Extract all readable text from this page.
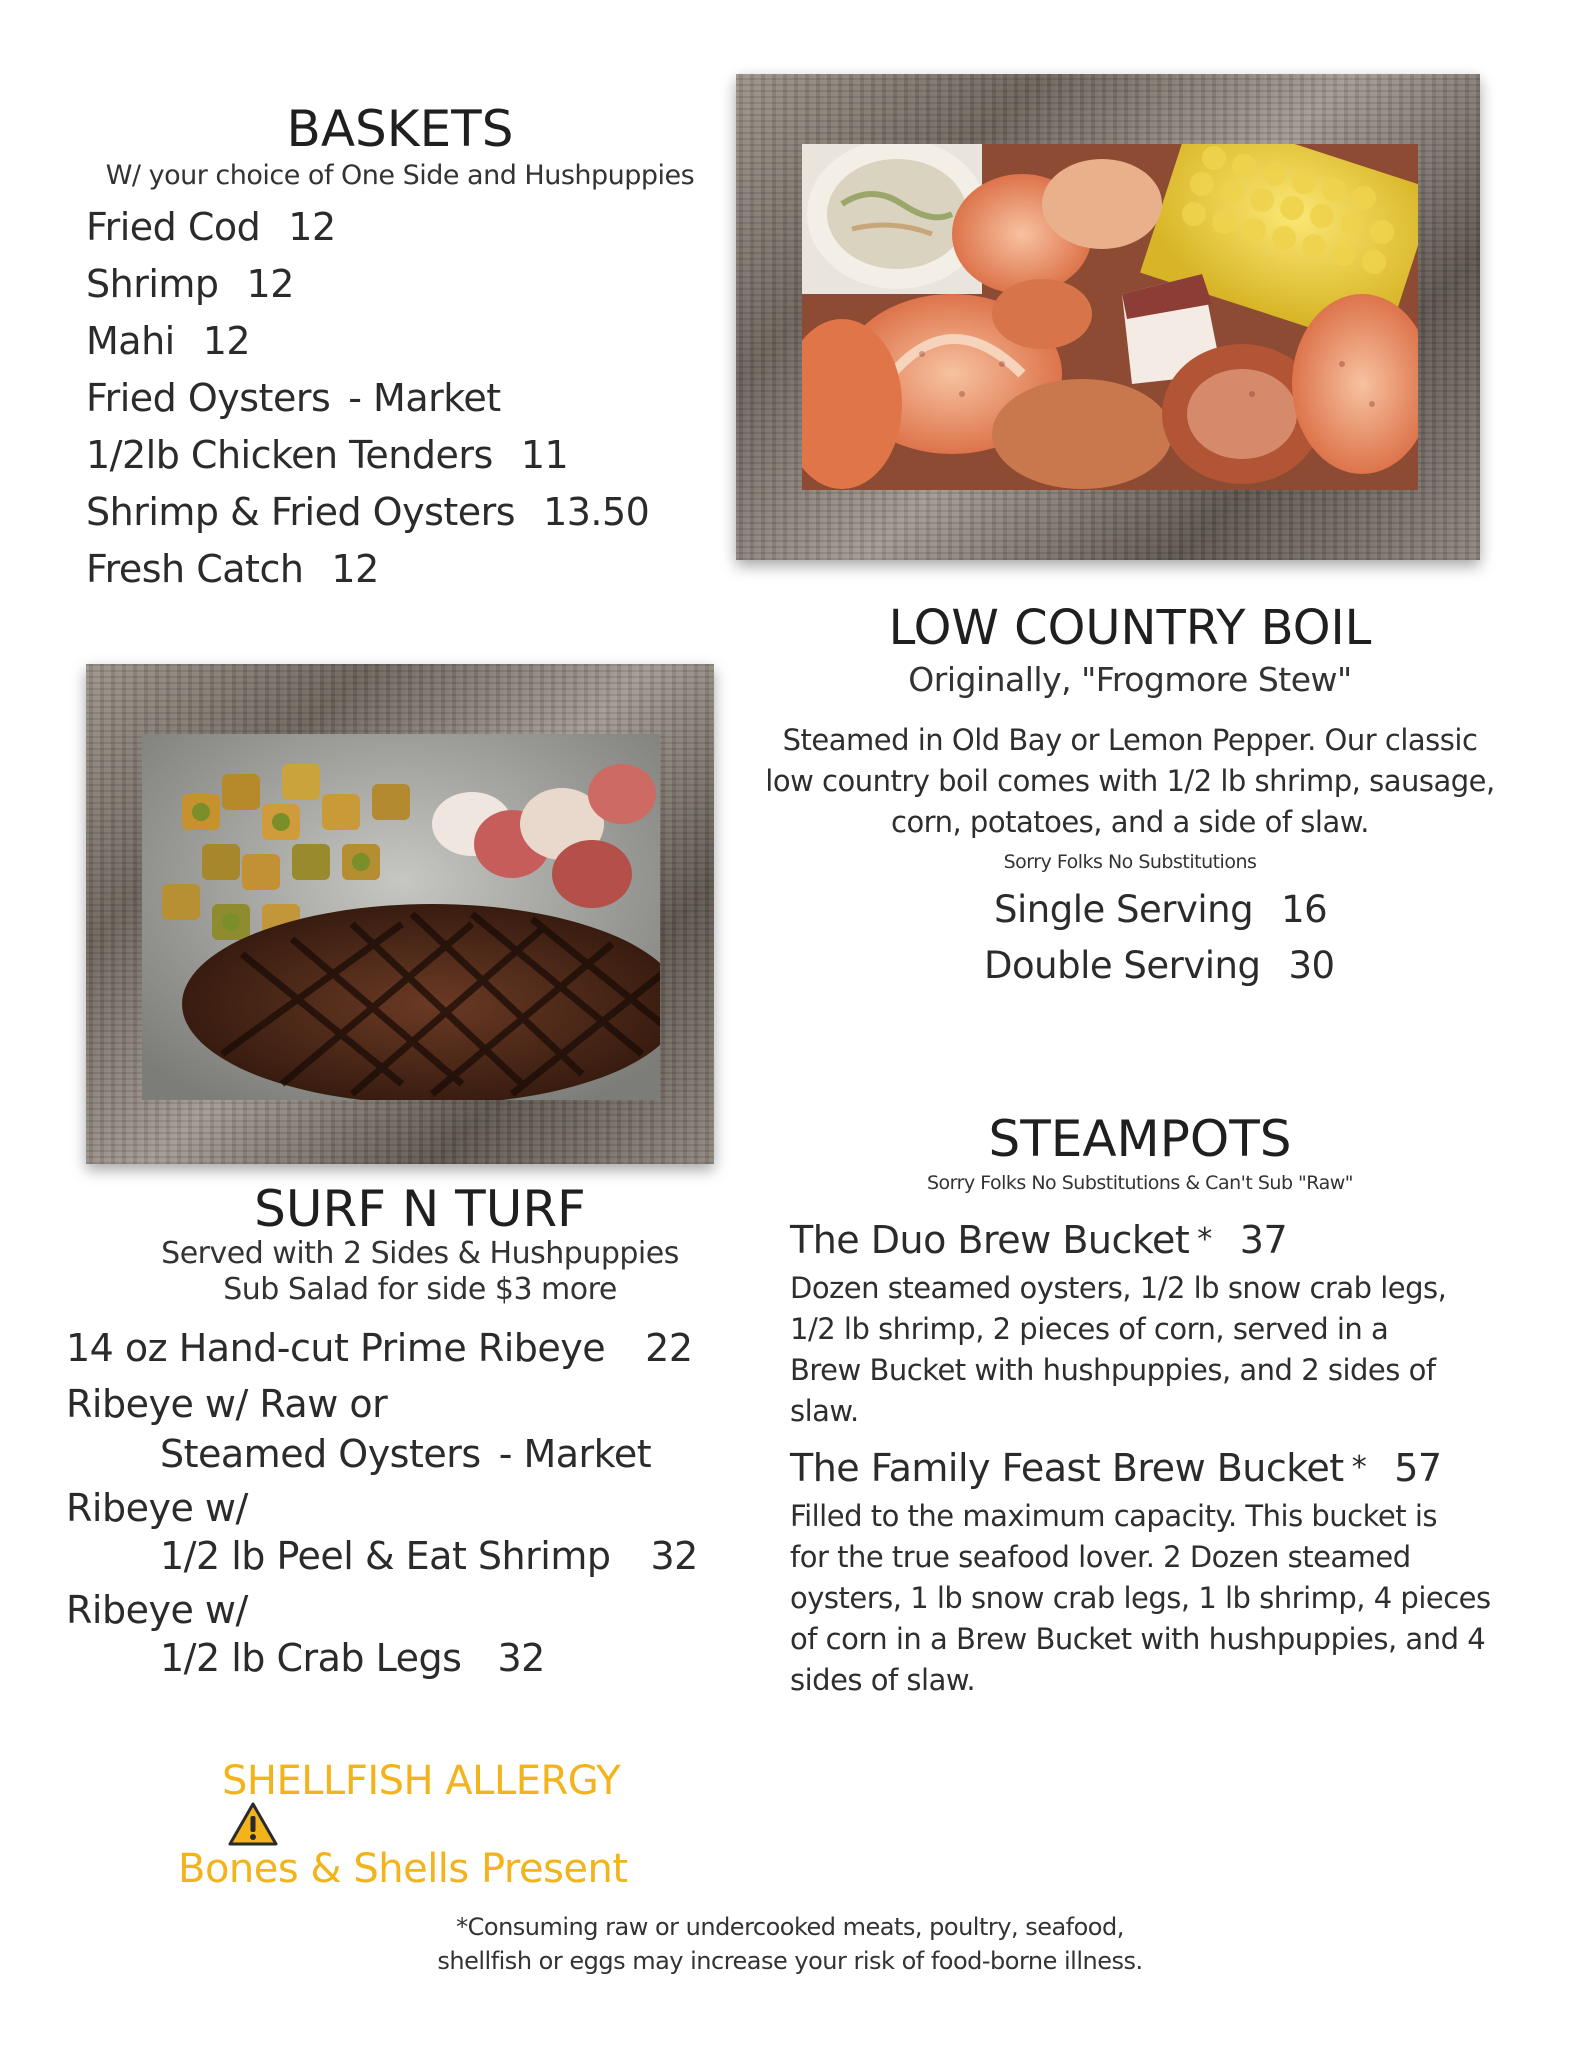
BASKETS
W/ your choice of One Side and Hushpuppies
Fried Cod 12
Shrimp 12
Mahi 12
Fried Oysters - Market
1/2lb Chicken Tenders 11
Shrimp & Fried Oysters 13.50
Fresh Catch 12
LOW COUNTRY BOIL
Originally, "Frogmore Stew"
Steamed in Old Bay or Lemon Pepper. Our classic
low country boil comes with 1/2 lb shrimp, sausage,
corn, potatoes, and a side of slaw.
Sorry Folks No Substitutions
Single Serving 16
Double Serving 30
SURF N TURF
Served with 2 Sides & Hushpuppies
Sub Salad for side $3 more
14 oz Hand-cut Prime Ribeye 22
Ribeye w/ Raw or
Steamed Oysters - Market
Ribeye w/
1/2 lb Peel & Eat Shrimp 32
Ribeye w/
1/2 lb Crab Legs 32
STEAMPOTS
Sorry Folks No Substitutions & Can't Sub "Raw"
The Duo Brew Bucket * 37
Dozen steamed oysters, 1/2 lb snow crab legs,
1/2 lb shrimp, 2 pieces of corn, served in a
Brew Bucket with hushpuppies, and 2 sides of
slaw.
The Family Feast Brew Bucket * 57
Filled to the maximum capacity. This bucket is
for the true seafood lover. 2 Dozen steamed
oysters, 1 lb snow crab legs, 1 lb shrimp, 4 pieces
of corn in a Brew Bucket with hushpuppies, and 4
sides of slaw.
SHELLFISH ALLERGY
Bones & Shells Present
*Consuming raw or undercooked meats, poultry, seafood,
shellfish or eggs may increase your risk of food-borne illness.
